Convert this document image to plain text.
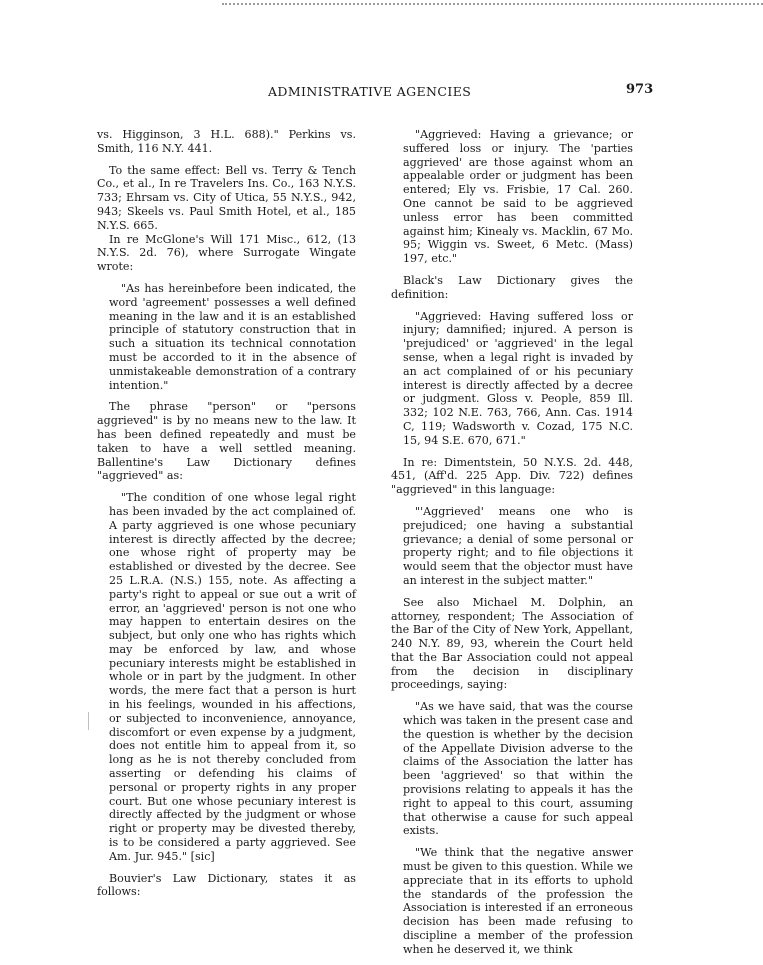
ADMINISTRATIVE AGENCIES	973

vs. Higginson, 3 H.L. 688)." Perkins vs. Smith, 116 N.Y. 441.

To the same effect: Bell vs. Terry & Tench Co., et al., In re Travelers Ins. Co., 163 N.Y.S. 733; Ehrsam vs. City of Utica, 55 N.Y.S., 942, 943; Skeels vs. Paul Smith Hotel, et al., 185 N.Y.S. 665.

In re McGlone's Will 171 Misc., 612, (13 N.Y.S. 2d. 76), where Surrogate Wingate wrote:

"As has hereinbefore been indicated, the word 'agreement' possesses a well defined meaning in the law and it is an established principle of statutory construction that in such a situation its technical connotation must be accorded to it in the absence of unmistakeable demonstration of a contrary intention."

The phrase "person" or "persons aggrieved" is by no means new to the law. It has been defined repeatedly and must be taken to have a well settled meaning. Ballentine's Law Dictionary defines "aggrieved" as:

"The condition of one whose legal right has been invaded by the act complained of. A party aggrieved is one whose pecuniary interest is directly affected by the decree; one whose right of property may be established or divested by the decree. See 25 L.R.A. (N.S.) 155, note. As affecting a party's right to appeal or sue out a writ of error, an 'aggrieved' person is not one who may happen to entertain desires on the subject, but only one who has rights which may be enforced by law, and whose pecuniary interests might be established in whole or in part by the judgment. In other words, the mere fact that a person is hurt in his feelings, wounded in his affections, or subjected to inconvenience, annoyance, discomfort or even expense by a judgment, does not entitle him to appeal from it, so long as he is not thereby concluded from asserting or defending his claims of personal or property rights in any proper court. But one whose pecuniary interest is directly affected by the judgment or whose right or property may be divested thereby, is to be considered a party aggrieved. See Am. Jur. 945." [sic]

Bouvier's Law Dictionary, states it as follows:

"Aggrieved: Having a grievance; or suffered loss or injury. The 'parties aggrieved' are those against whom an appealable order or judgment has been entered; Ely vs. Frisbie, 17 Cal. 260. One cannot be said to be aggrieved unless error has been committed against him; Kinealy vs. Macklin, 67 Mo. 95; Wiggin vs. Sweet, 6 Metc. (Mass) 197, etc."

Black's Law Dictionary gives the definition:

"Aggrieved: Having suffered loss or injury; damnified; injured. A person is 'prejudiced' or 'aggrieved' in the legal sense, when a legal right is invaded by an act complained of or his pecuniary interest is directly affected by a decree or judgment. Gloss v. People, 859 Ill. 332; 102 N.E. 763, 766, Ann. Cas. 1914 C, 119; Wadsworth v. Cozad, 175 N.C. 15, 94 S.E. 670, 671."

In re: Dimentstein, 50 N.Y.S. 2d. 448, 451, (Aff'd. 225 App. Div. 722) defines "aggrieved" in this language:

"'Aggrieved' means one who is prejudiced; one having a substantial grievance; a denial of some personal or property right; and to file objections it would seem that the objector must have an interest in the subject matter."

See also Michael M. Dolphin, an attorney, respondent; The Association of the Bar of the City of New York, Appellant, 240 N.Y. 89, 93, wherein the Court held that the Bar Association could not appeal from the decision in disciplinary proceedings, saying:

"As we have said, that was the course which was taken in the present case and the question is whether by the decision of the Appellate Division adverse to the claims of the Association the latter has been 'aggrieved' so that within the provisions relating to appeals it has the right to appeal to this court, assuming that otherwise a cause for such appeal exists.

"We think that the negative answer must be given to this question. While we appreciate that in its efforts to uphold the standards of the profession the Association is interested if an erroneous decision has been made refusing to discipline a member of the profession when he deserved it, we think
